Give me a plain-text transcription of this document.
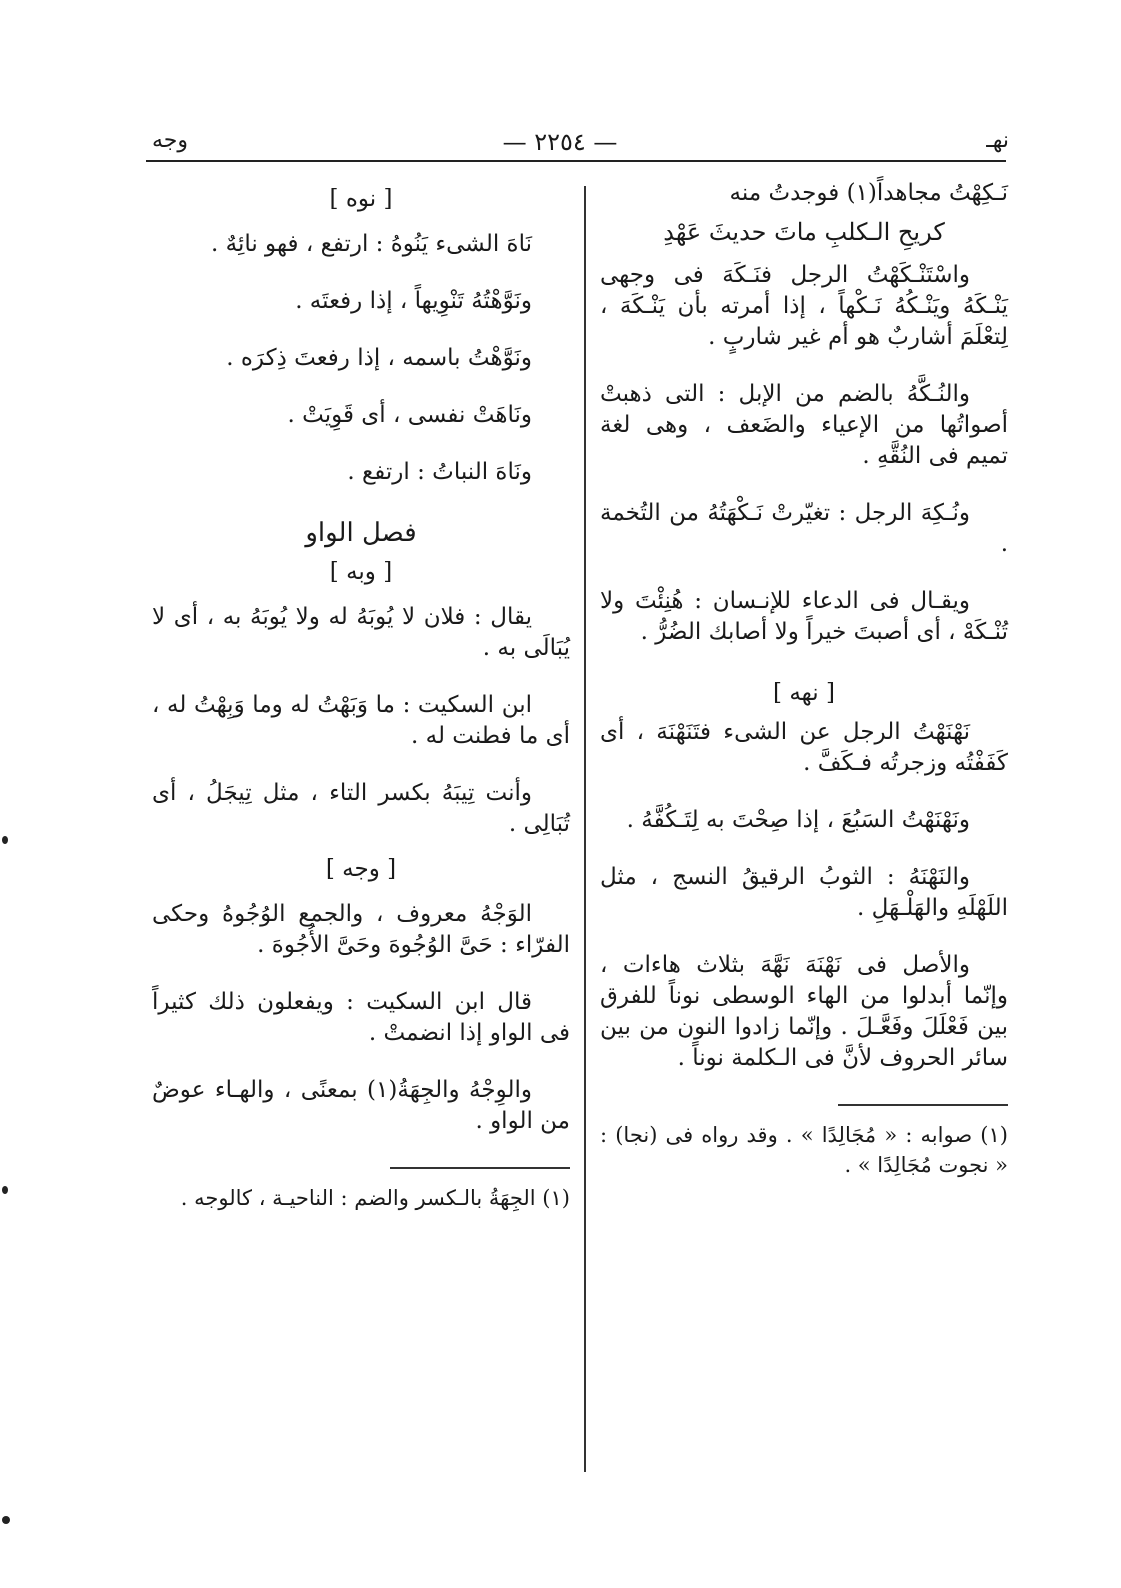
نهـ
— ٢٢٥٤ —
وجه

نَـكِهْتُ مجاهداً(١) فوجدتُ منه

كريحِ الـكلبِ ماتَ حديثَ عَهْدِ

واسْتَنْـكَهْتُ الرجل فنَـكَهَ فى وجهى يَنْـكَهُ ويَنْـكُهُ نَـكْهاً ، إذا أمرته بأن يَنْـكَهَ ، لِتعْلَمَ أشاربٌ هو أم غير شاربٍ .

والنُـكَّهُ بالضم من الإبل : التى ذهبتْ أصواتُها من الإعياء والضَعف ، وهى لغة تميم فى النُقَّهِ .

ونُـكِهَ الرجل : تغيّرتْ نَـكْهَتُهُ من التُخمة .

ويقـال فى الدعاء للإنـسان : هُنِئْتَ ولا تُنْـكَهْ ، أى أصبتَ خيراً ولا أصابك الضُرُّ .

[ نهه ]

نَهْنَهْتُ الرجل عن الشىء فتَنَهْنَهَ ، أى كَفَفْتُه وزجرتُه فـكَفَّ .

ونَهْنَهْتُ السَبُعَ ، إذا صِحْتَ به لِتَـكُفَّهُ .

والنَهْنَهُ : الثوبُ الرقيقُ النسج ، مثل اللَهْلَهِ والهَلْـهَلِ .

والأصل فى نَهْنَهَ نَهَّهَ بثلاث هاءات ، وإنّما أبدلوا من الهاء الوسطى نوناً للفرق بين فَعْلَلَ وفَعَّـلَ . وإنّما زادوا النون من بين سائر الحروف لأنَّ فى الـكلمة نوناً .

(١) صوابه : « مُجَالِدًا » . وقد رواه فى (نجا) : « نجوت مُجَالِدًا » .

[ نوه ]

نَاهَ الشىء يَنُوهُ : ارتفع ، فهو نائِهٌ .

ونَوَّهْتُهُ تَنْوِيهاً ، إذا رفعتَه .

ونَوَّهْتُ باسمه ، إذا رفعتَ ذِكرَه .

ونَاهَتْ نفسى ، أى قَوِيَتْ .

ونَاهَ النباتُ : ارتفع .

فصل الواو
[ وبه ]

يقال : فلان لا يُوبَهُ له ولا يُوبَهُ به ، أى لا يُبَالَى به .

ابن السكيت : ما وَبَهْتُ له وما وَبِهْتُ له ، أى ما فطنت له .

وأنت تِيبَهُ بكسر التاء ، مثل تِيجَلُ ، أى تُبَالِى .

[ وجه ]

الوَجْهُ معروف ، والجمع الوُجُوهُ وحكى الفرّاء : حَىَّ الوُجُوهَ وحَىَّ الأُجُوهَ .

قال ابن السكيت : ويفعلون ذلك كثيراً فى الواو إذا انضمتْ .

والوِجْهُ والجِهَةُ(١) بمعنًى ، والهـاء عوضٌ من الواو .

(١) الجِهَةُ بالـكسر والضم : الناحيـة ، كالوجه .
